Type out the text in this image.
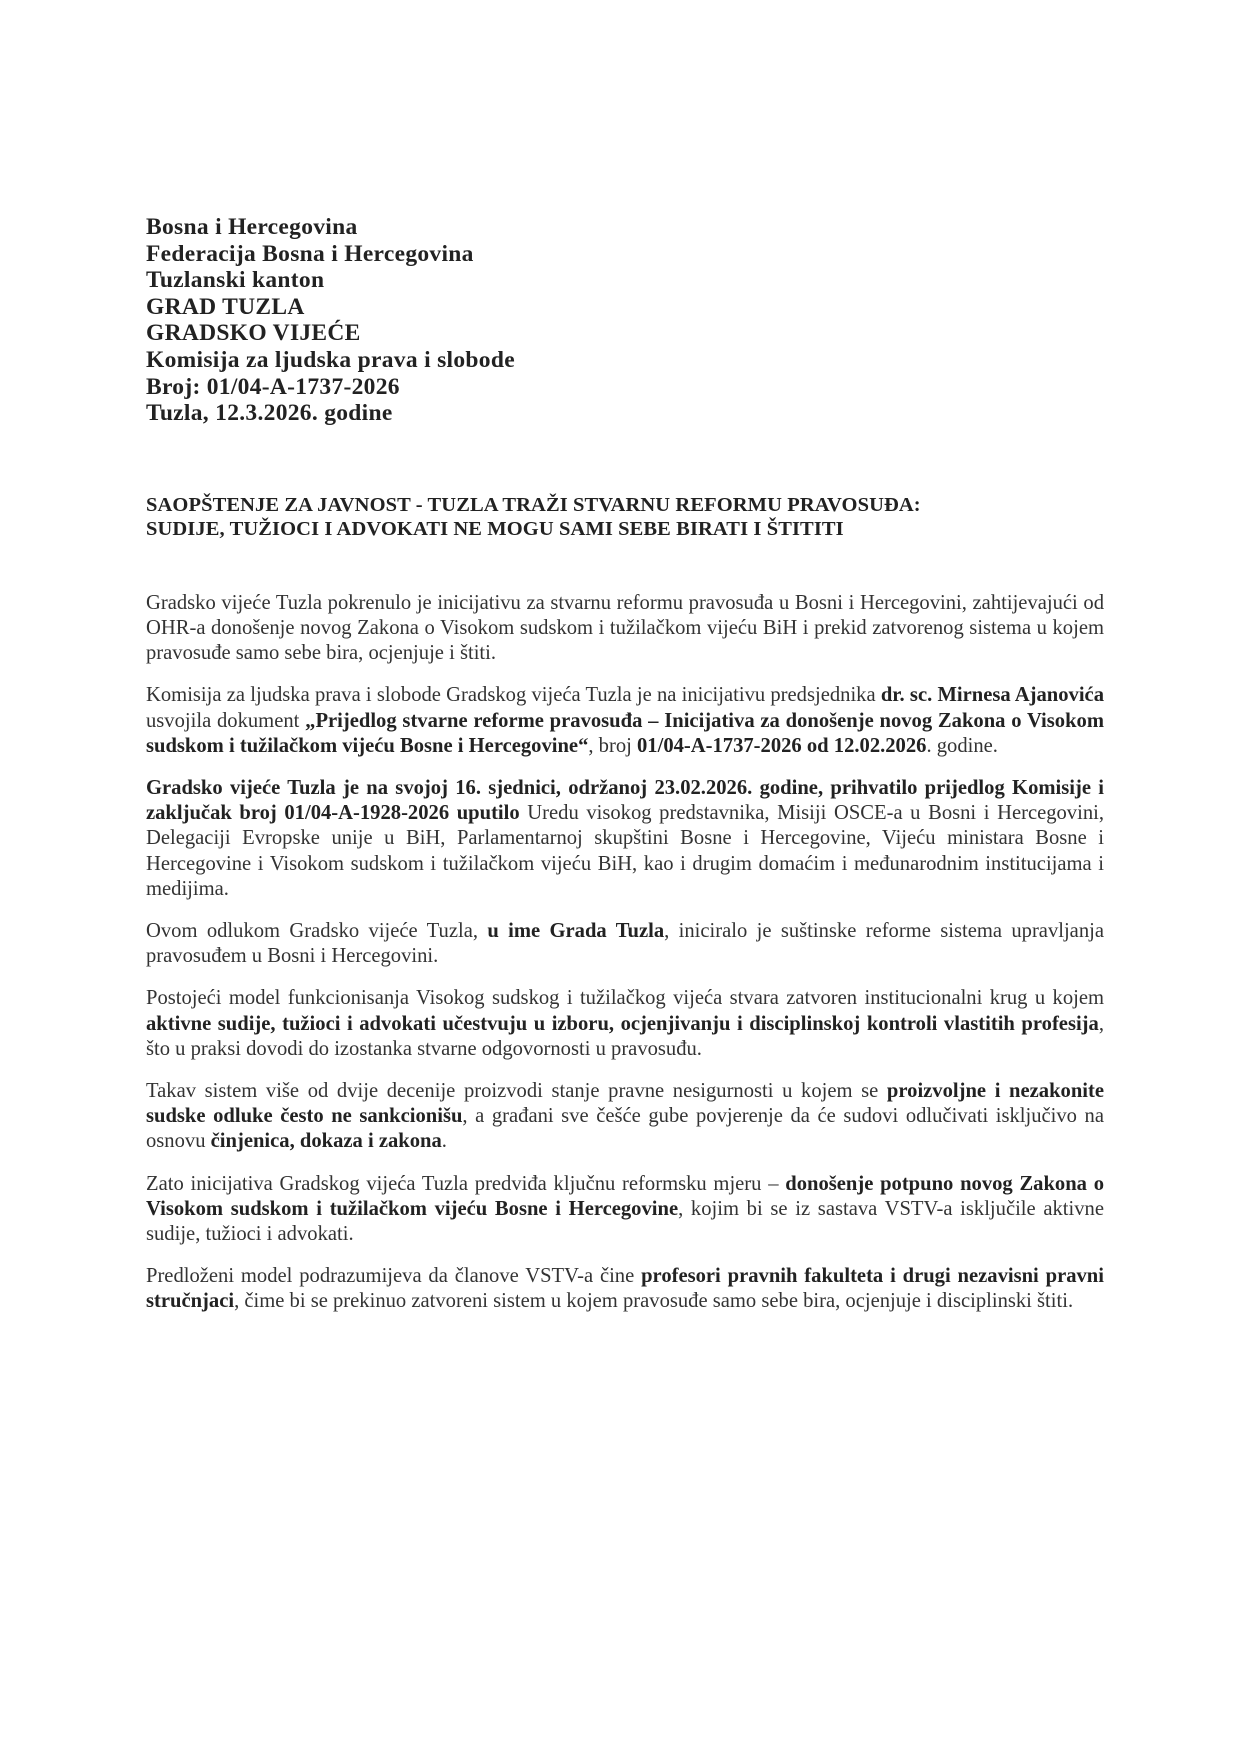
Bosna i Hercegovina
Federacija Bosna i Hercegovina
Tuzlanski kanton
GRAD TUZLA
GRADSKO VIJEĆE
Komisija za ljudska prava i slobode
Broj: 01/04-A-1737-2026
Tuzla, 12.3.2026. godine
SAOPŠTENJE ZA JAVNOST - TUZLA TRAŽI STVARNU REFORMU PRAVOSUĐA:
SUDIJE, TUŽIOCI I ADVOKATI NE MOGU SAMI SEBE BIRATI I ŠTITITI

Gradsko vijeće Tuzla pokrenulo je inicijativu za stvarnu reformu pravosuđa u Bosni i Hercegovini, zahtijevajući od OHR-a donošenje novog Zakona o Visokom sudskom i tužilačkom vijeću BiH i prekid zatvorenog sistema u kojem pravosuđe samo sebe bira, ocjenjuje i štiti.

Komisija za ljudska prava i slobode Gradskog vijeća Tuzla je na inicijativu predsjednika dr. sc. Mirnesa Ajanovića usvojila dokument „Prijedlog stvarne reforme pravosuđa – Inicijativa za donošenje novog Zakona o Visokom sudskom i tužilačkom vijeću Bosne i Hercegovine“, broj 01/04-A-1737-2026 od 12.02.2026. godine.

Gradsko vijeće Tuzla je na svojoj 16. sjednici, održanoj 23.02.2026. godine, prihvatilo prijedlog Komisije i zaključak broj 01/04-A-1928-2026 uputilo Uredu visokog predstavnika, Misiji OSCE-a u Bosni i Hercegovini, Delegaciji Evropske unije u BiH, Parlamentarnoj skupštini Bosne i Hercegovine, Vijeću ministara Bosne i Hercegovine i Visokom sudskom i tužilačkom vijeću BiH, kao i drugim domaćim i međunarodnim institucijama i medijima.

Ovom odlukom Gradsko vijeće Tuzla, u ime Grada Tuzla, iniciralo je suštinske reforme sistema upravljanja pravosuđem u Bosni i Hercegovini.

Postojeći model funkcionisanja Visokog sudskog i tužilačkog vijeća stvara zatvoren institucionalni krug u kojem aktivne sudije, tužioci i advokati učestvuju u izboru, ocjenjivanju i disciplinskoj kontroli vlastitih profesija, što u praksi dovodi do izostanka stvarne odgovornosti u pravosuđu.

Takav sistem više od dvije decenije proizvodi stanje pravne nesigurnosti u kojem se proizvoljne i nezakonite sudske odluke često ne sankcionišu, a građani sve češće gube povjerenje da će sudovi odlučivati isključivo na osnovu činjenica, dokaza i zakona.

Zato inicijativa Gradskog vijeća Tuzla predviđa ključnu reformsku mjeru – donošenje potpuno novog Zakona o Visokom sudskom i tužilačkom vijeću Bosne i Hercegovine, kojim bi se iz sastava VSTV-a isključile aktivne sudije, tužioci i advokati.

Predloženi model podrazumijeva da članove VSTV-a čine profesori pravnih fakulteta i drugi nezavisni pravni stručnjaci, čime bi se prekinuo zatvoreni sistem u kojem pravosuđe samo sebe bira, ocjenjuje i disciplinski štiti.
